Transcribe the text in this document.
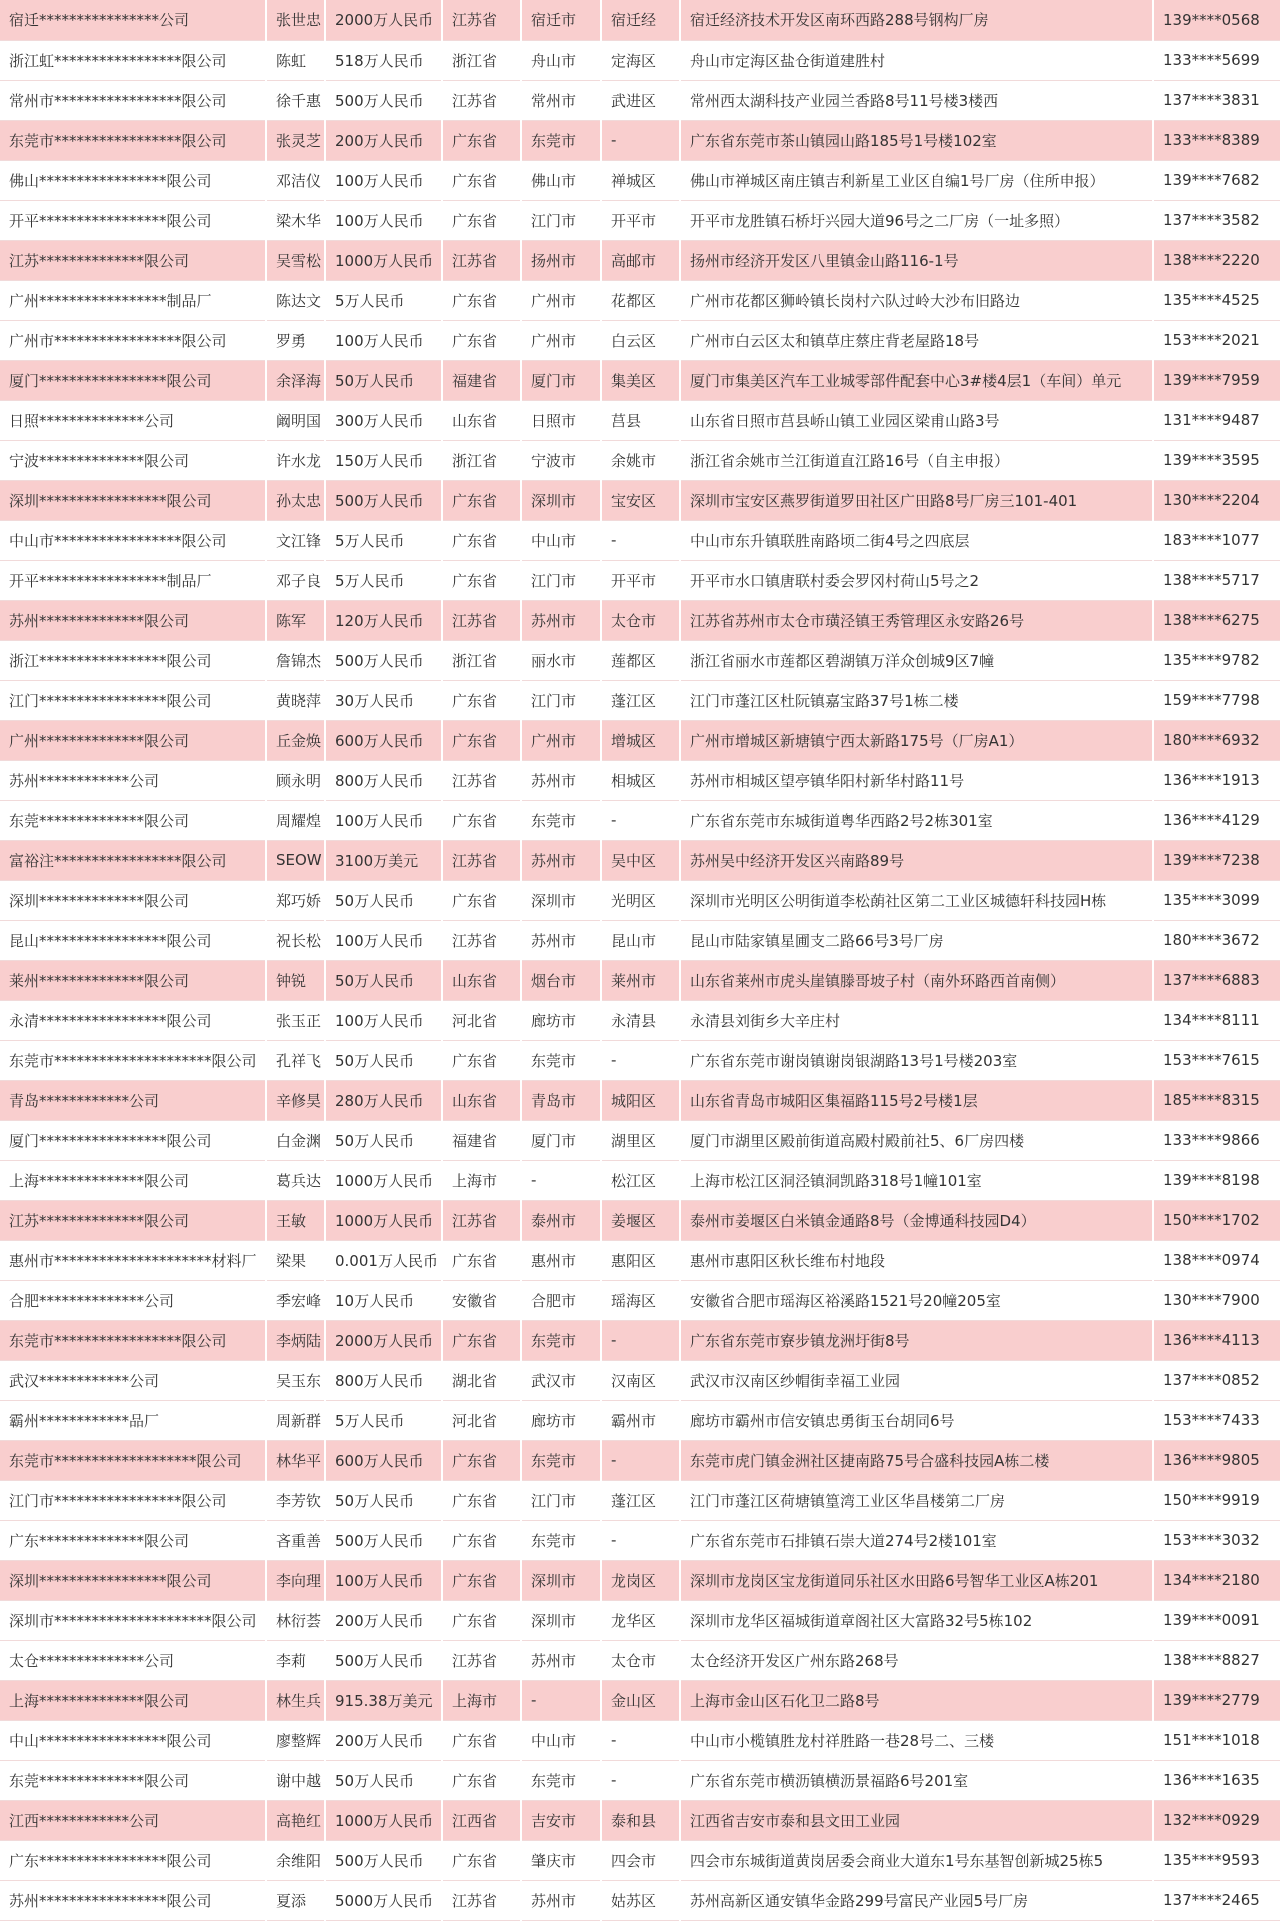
宿迁****************公司	张世忠	2000万人民币	江苏省	宿迁市	宿迁经	宿迁经济技术开发区南环西路288号钢构厂房	139****0568
浙江虹*****************限公司	陈虹	518万人民币	浙江省	舟山市	定海区	舟山市定海区盐仓街道建胜村	133****5699
常州市*****************限公司	徐千惠	500万人民币	江苏省	常州市	武进区	常州西太湖科技产业园兰香路8号11号楼3楼西	137****3831
东莞市*****************限公司	张灵芝	200万人民币	广东省	东莞市	-	广东省东莞市茶山镇园山路185号1号楼102室	133****8389
佛山*****************限公司	邓洁仪	100万人民币	广东省	佛山市	禅城区	佛山市禅城区南庄镇吉利新星工业区自编1号厂房（住所申报）	139****7682
开平*****************限公司	梁木华	100万人民币	广东省	江门市	开平市	开平市龙胜镇石桥圩兴园大道96号之二厂房（一址多照）	137****3582
江苏**************限公司	吴雪松	1000万人民币	江苏省	扬州市	高邮市	扬州市经济开发区八里镇金山路116-1号	138****2220
广州*****************制品厂	陈达文	5万人民币	广东省	广州市	花都区	广州市花都区狮岭镇长岗村六队过岭大沙布旧路边	135****4525
广州市*****************限公司	罗勇	100万人民币	广东省	广州市	白云区	广州市白云区太和镇草庄蔡庄背老屋路18号	153****2021
厦门*****************限公司	余泽海	50万人民币	福建省	厦门市	集美区	厦门市集美区汽车工业城零部件配套中心3#楼4层1（车间）单元	139****7959
日照**************公司	阚明国	300万人民币	山东省	日照市	莒县	山东省日照市莒县峤山镇工业园区梁甫山路3号	131****9487
宁波**************限公司	许水龙	150万人民币	浙江省	宁波市	余姚市	浙江省余姚市兰江街道直江路16号（自主申报）	139****3595
深圳*****************限公司	孙太忠	500万人民币	广东省	深圳市	宝安区	深圳市宝安区燕罗街道罗田社区广田路8号厂房三101-401	130****2204
中山市*****************限公司	文江锋	5万人民币	广东省	中山市	-	中山市东升镇联胜南路顷二街4号之四底层	183****1077
开平*****************制品厂	邓子良	5万人民币	广东省	江门市	开平市	开平市水口镇唐联村委会罗冈村荷山5号之2	138****5717
苏州**************限公司	陈军	120万人民币	江苏省	苏州市	太仓市	江苏省苏州市太仓市璜泾镇王秀管理区永安路26号	138****6275
浙江*****************限公司	詹锦杰	500万人民币	浙江省	丽水市	莲都区	浙江省丽水市莲都区碧湖镇万洋众创城9区7幢	135****9782
江门*****************限公司	黄晓萍	30万人民币	广东省	江门市	蓬江区	江门市蓬江区杜阮镇嘉宝路37号1栋二楼	159****7798
广州**************限公司	丘金焕	600万人民币	广东省	广州市	增城区	广州市增城区新塘镇宁西太新路175号（厂房A1）	180****6932
苏州************公司	顾永明	800万人民币	江苏省	苏州市	相城区	苏州市相城区望亭镇华阳村新华村路11号	136****1913
东莞**************限公司	周耀煌	100万人民币	广东省	东莞市	-	广东省东莞市东城街道粤华西路2号2栋301室	136****4129
富裕注*****************限公司	SEOW	3100万美元	江苏省	苏州市	吴中区	苏州吴中经济开发区兴南路89号	139****7238
深圳**************限公司	郑巧娇	50万人民币	广东省	深圳市	光明区	深圳市光明区公明街道李松蓢社区第二工业区城德轩科技园H栋	135****3099
昆山*****************限公司	祝长松	100万人民币	江苏省	苏州市	昆山市	昆山市陆家镇星圃支二路66号3号厂房	180****3672
莱州**************限公司	钟锐	50万人民币	山东省	烟台市	莱州市	山东省莱州市虎头崖镇滕哥坡子村（南外环路西首南侧）	137****6883
永清*****************限公司	张玉正	100万人民币	河北省	廊坊市	永清县	永清县刘街乡大辛庄村	134****8111
东莞市*********************限公司	孔祥飞	50万人民币	广东省	东莞市	-	广东省东莞市谢岗镇谢岗银湖路13号1号楼203室	153****7615
青岛************公司	辛修昊	280万人民币	山东省	青岛市	城阳区	山东省青岛市城阳区集福路115号2号楼1层	185****8315
厦门*****************限公司	白金渊	50万人民币	福建省	厦门市	湖里区	厦门市湖里区殿前街道高殿村殿前社5、6厂房四楼	133****9866
上海**************限公司	葛兵达	1000万人民币	上海市	-	松江区	上海市松江区洞泾镇洞凯路318号1幢101室	139****8198
江苏**************限公司	王敏	1000万人民币	江苏省	泰州市	姜堰区	泰州市姜堰区白米镇金通路8号（金博通科技园D4）	150****1702
惠州市*********************材料厂	梁果	0.001万人民币	广东省	惠州市	惠阳区	惠州市惠阳区秋长维布村地段	138****0974
合肥**************公司	季宏峰	10万人民币	安徽省	合肥市	瑶海区	安徽省合肥市瑶海区裕溪路1521号20幢205室	130****7900
东莞市*****************限公司	李炳陆	2000万人民币	广东省	东莞市	-	广东省东莞市寮步镇龙洲圩街8号	136****4113
武汉************公司	吴玉东	800万人民币	湖北省	武汉市	汉南区	武汉市汉南区纱帽街幸福工业园	137****0852
霸州************品厂	周新群	5万人民币	河北省	廊坊市	霸州市	廊坊市霸州市信安镇忠勇街玉台胡同6号	153****7433
东莞市*******************限公司	林华平	600万人民币	广东省	东莞市	-	东莞市虎门镇金洲社区捷南路75号合盛科技园A栋二楼	136****9805
江门市*****************限公司	李芳钦	50万人民币	广东省	江门市	蓬江区	江门市蓬江区荷塘镇篁湾工业区华昌楼第二厂房	150****9919
广东**************限公司	吝重善	500万人民币	广东省	东莞市	-	广东省东莞市石排镇石崇大道274号2楼101室	153****3032
深圳*****************限公司	李向理	100万人民币	广东省	深圳市	龙岗区	深圳市龙岗区宝龙街道同乐社区水田路6号智华工业区A栋201	134****2180
深圳市*********************限公司	林衍荟	200万人民币	广东省	深圳市	龙华区	深圳市龙华区福城街道章阁社区大富路32号5栋102	139****0091
太仓**************公司	李莉	500万人民币	江苏省	苏州市	太仓市	太仓经济开发区广州东路268号	138****8827
上海**************限公司	林生兵	915.38万美元	上海市	-	金山区	上海市金山区石化卫二路8号	139****2779
中山*****************限公司	廖整辉	200万人民币	广东省	中山市	-	中山市小榄镇胜龙村祥胜路一巷28号二、三楼	151****1018
东莞**************限公司	谢中越	50万人民币	广东省	东莞市	-	广东省东莞市横沥镇横沥景福路6号201室	136****1635
江西************公司	高艳红	1000万人民币	江西省	吉安市	泰和县	江西省吉安市泰和县文田工业园	132****0929
广东*****************限公司	余维阳	500万人民币	广东省	肇庆市	四会市	四会市东城街道黄岗居委会商业大道东1号东基智创新城25栋5	135****9593
苏州*****************限公司	夏添	5000万人民币	江苏省	苏州市	姑苏区	苏州高新区通安镇华金路299号富民产业园5号厂房	137****2465
